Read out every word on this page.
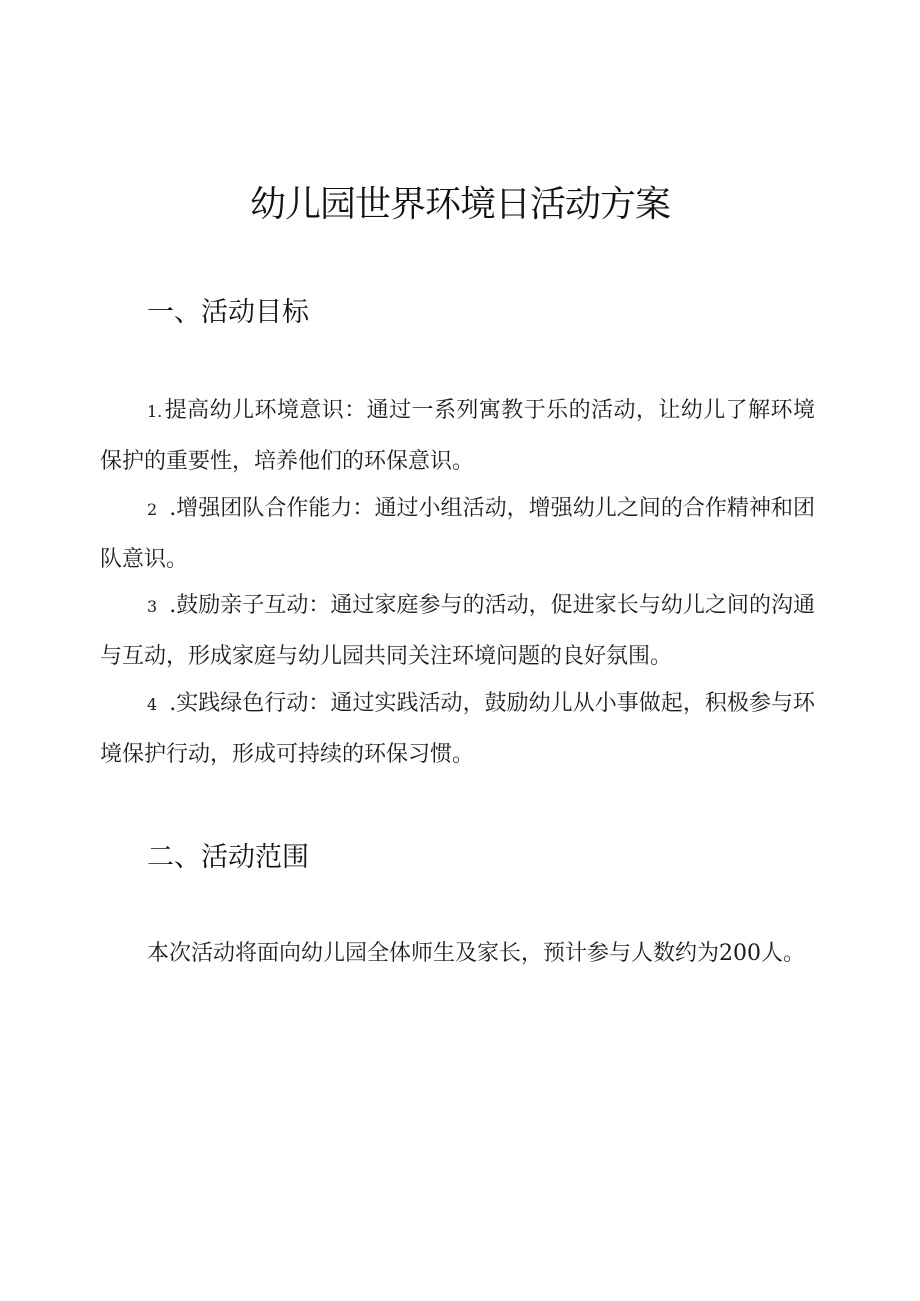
幼儿园世界环境日活动方案
一、活动目标
1.提高幼儿环境意识：通过一系列寓教于乐的活动，让幼儿了解环境保护的重要性，培养他们的环保意识。
2 .增强团队合作能力：通过小组活动，增强幼儿之间的合作精神和团队意识。
3 .鼓励亲子互动：通过家庭参与的活动，促进家长与幼儿之间的沟通与互动，形成家庭与幼儿园共同关注环境问题的良好氛围。
4 .实践绿色行动：通过实践活动，鼓励幼儿从小事做起，积极参与环境保护行动，形成可持续的环保习惯。
二、活动范围
本次活动将面向幼儿园全体师生及家长，预计参与人数约为200人。
